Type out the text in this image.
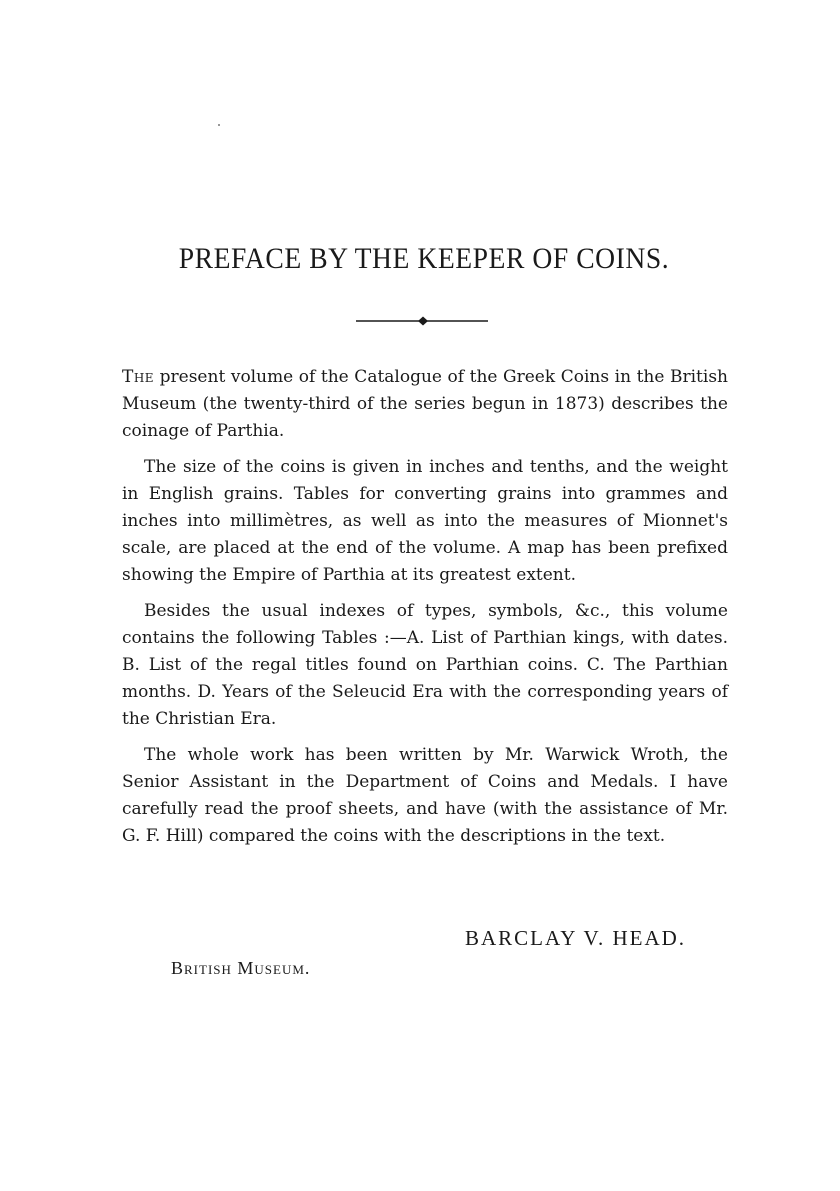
PREFACE BY THE KEEPER OF COINS.

The present volume of the Catalogue of the Greek Coins in the British Museum (the twenty-third of the series begun in 1873) describes the coinage of Parthia.

The size of the coins is given in inches and tenths, and the weight in English grains. Tables for converting grains into grammes and inches into millimètres, as well as into the measures of Mionnet's scale, are placed at the end of the volume. A map has been prefixed showing the Empire of Parthia at its greatest extent.

Besides the usual indexes of types, symbols, &c., this volume contains the following Tables :—A. List of Parthian kings, with dates. B. List of the regal titles found on Parthian coins. C. The Parthian months. D. Years of the Seleucid Era with the corresponding years of the Christian Era.

The whole work has been written by Mr. Warwick Wroth, the Senior Assistant in the Department of Coins and Medals. I have carefully read the proof sheets, and have (with the assistance of Mr. G. F. Hill) compared the coins with the descriptions in the text.

BARCLAY V. HEAD.
British Museum.
